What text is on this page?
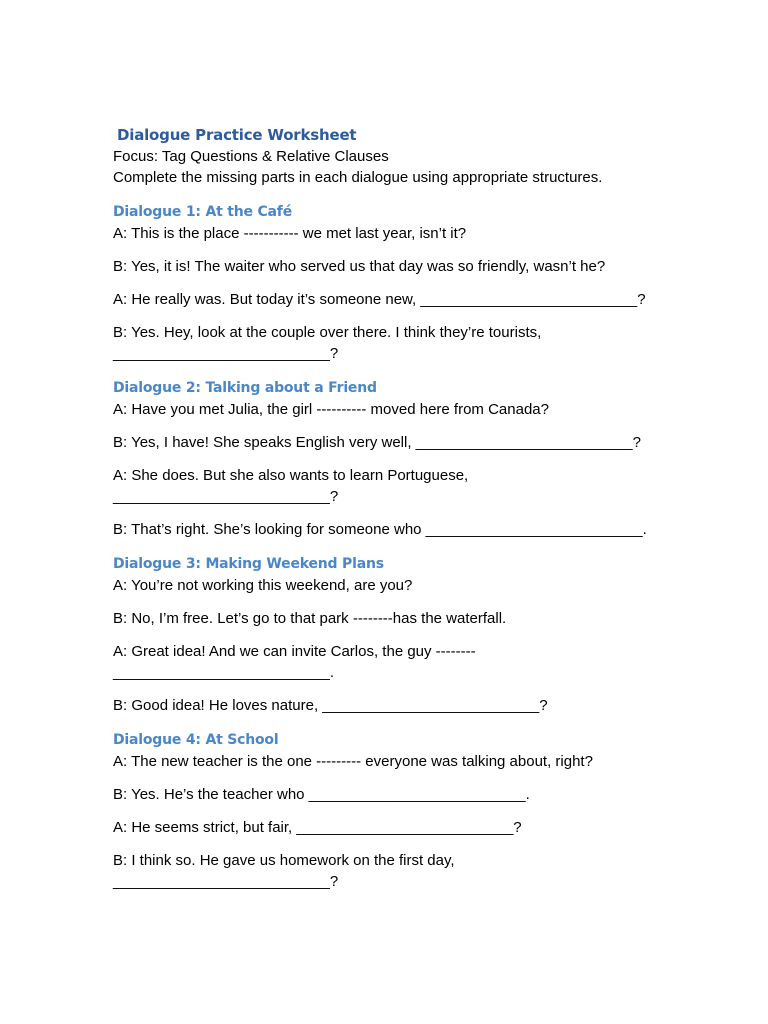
Dialogue Practice Worksheet

Focus: Tag Questions & Relative Clauses

Complete the missing parts in each dialogue using appropriate structures.

Dialogue 1: At the Café

A: This is the place ----------- we met last year, isn’t it?

B: Yes, it is! The waiter who served us that day was so friendly, wasn’t he?

A: He really was. But today it’s someone new, __________________________?

B: Yes. Hey, look at the couple over there. I think they’re tourists,
__________________________?

Dialogue 2: Talking about a Friend

A: Have you met Julia, the girl ---------- moved here from Canada?

B: Yes, I have! She speaks English very well, __________________________?

A: She does. But she also wants to learn Portuguese,
__________________________?

B: That’s right. She’s looking for someone who __________________________.

Dialogue 3: Making Weekend Plans

A: You’re not working this weekend, are you?

B: No, I’m free. Let’s go to that park --------has the waterfall.

A: Great idea! And we can invite Carlos, the guy --------
__________________________.

B: Good idea! He loves nature, __________________________?

Dialogue 4: At School

A: The new teacher is the one --------- everyone was talking about, right?

B: Yes. He’s the teacher who __________________________.

A: He seems strict, but fair, __________________________?

B: I think so. He gave us homework on the first day,
__________________________?
